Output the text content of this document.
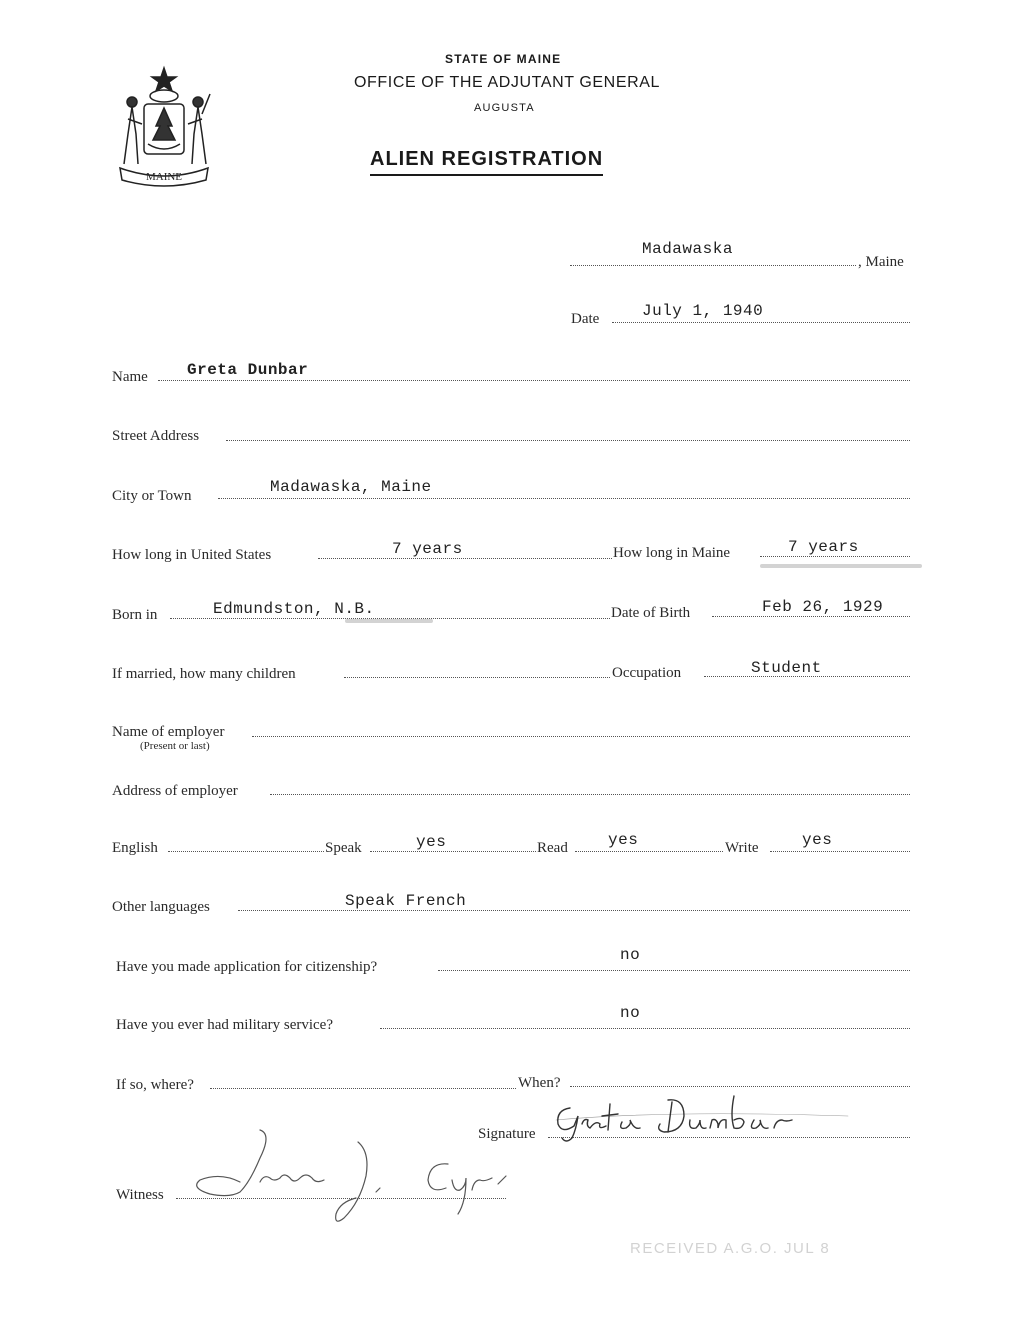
MAINE
STATE OF MAINE
OFFICE OF THE ADJUTANT GENERAL
AUGUSTA
ALIEN REGISTRATION
Madawaska
, Maine
Date	July 1, 1940
Name Greta Dunbar
Street Address
City or Town	Madawaska, Maine
How long in United States	7 years	How long in Maine	7 years
Born in	Edmundston, N.B.	Date of Birth	Feb 26, 1929
If married, how many children	Occupation	Student
Name of employer
(Present or last)
Address of employer
English	Speak	yes	Read	yes	Write	yes
Other languages	Speak French
Have you made application for citizenship?
no
Have you ever had military service?
no
If so, where?	When?
Signature
Witness
RECEIVED A.G.O. JUL 8
